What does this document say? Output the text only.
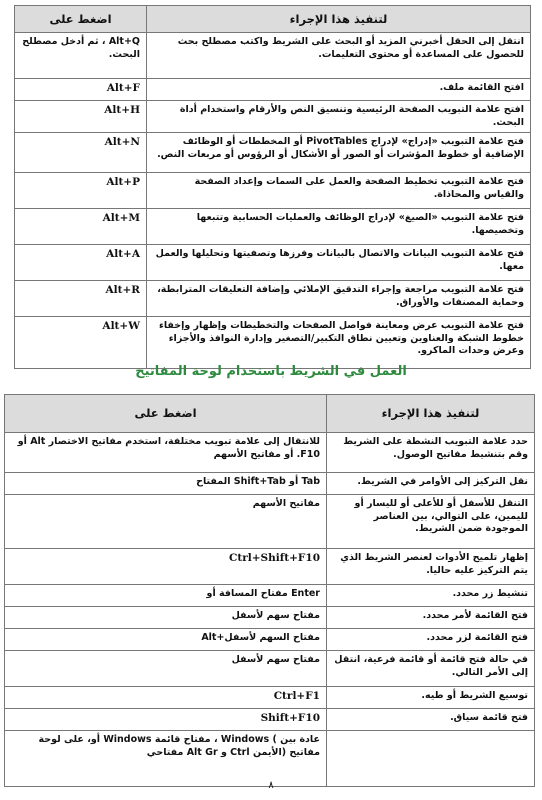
لتنفيذ هذا الإجراء	اضغط على
انتقل إلى الحقل أخبرني المزيد أو البحث على الشريط واكتب مصطلح بحث للحصول على المساعدة أو محتوى التعليمات.	Alt+Q ، ثم أدخل مصطلح البحث.
افتح القائمة ملف.	Alt+F
افتح علامة التبويب الصفحة الرئيسية وتنسيق النص والأرقام واستخدام أداة البحث.	Alt+H
فتح علامة التبويب «إدراج» لإدراج PivotTables أو المخططات أو الوظائف الإضافية أو خطوط المؤشرات أو الصور أو الأشكال أو الرؤوس أو مربعات النص.	Alt+N
فتح علامة التبويب تخطيط الصفحة والعمل على السمات وإعداد الصفحة والقياس والمحاذاة.	Alt+P
فتح علامة التبويب «الصيغ» لإدراج الوظائف والعمليات الحسابية وتتبعها وتخصيصها.	Alt+M
فتح علامة التبويب البيانات والاتصال بالبيانات وفرزها وتصفيتها وتحليلها والعمل معها.	Alt+A
فتح علامة التبويب مراجعة وإجراء التدقيق الإملائي وإضافة التعليقات المترابطة، وحماية المصنفات والأوراق.	Alt+R
فتح علامة التبويب عرض ومعاينة فواصل الصفحات والتخطيطات وإظهار وإخفاء خطوط الشبكة والعناوين وتعيين نطاق التكبير/التصغير وإدارة النوافذ والأجزاء وعرض وحدات الماكرو.	Alt+W
العمل في الشريط باستخدام لوحة المفاتيح
لتنفيذ هذا الإجراء	اضغط على
حدد علامة التبويب النشطة على الشريط وقم بتنشيط مفاتيح الوصول.	للانتقال إلى علامة تبويب مختلفة، استخدم مفاتيح الاختصار Alt أو F10. أو مفاتيح الأسهم
نقل التركيز إلى الأوامر في الشريط.	Tab أو Shift+Tab المفتاح
التنقل للأسفل أو للأعلى أو لليسار أو لليمين، على التوالي، بين العناصر الموجودة ضمن الشريط.	مفاتيح الأسهم
إظهار تلميح الأدوات لعنصر الشريط الذي يتم التركيز عليه حاليا.	Ctrl+Shift+F10
تنشيط زر محدد.	Enter مفتاح المسافة أو
فتح القائمة لأمر محدد.	مفتاح سهم لأسفل
فتح القائمة لزر محدد.	مفتاح السهم لأسفل+Alt
في حالة فتح قائمة أو قائمة فرعية، انتقل إلى الأمر التالي.	مفتاح سهم لأسفل
توسيع الشريط أو طيه.	Ctrl+F1
فتح قائمة سياق.	Shift+F10
	عادة بين ) Windows ، مفتاح قائمة Windows أو، على لوحة مفاتيح (الأيمن Ctrl و Alt Gr مفتاحي
٨
